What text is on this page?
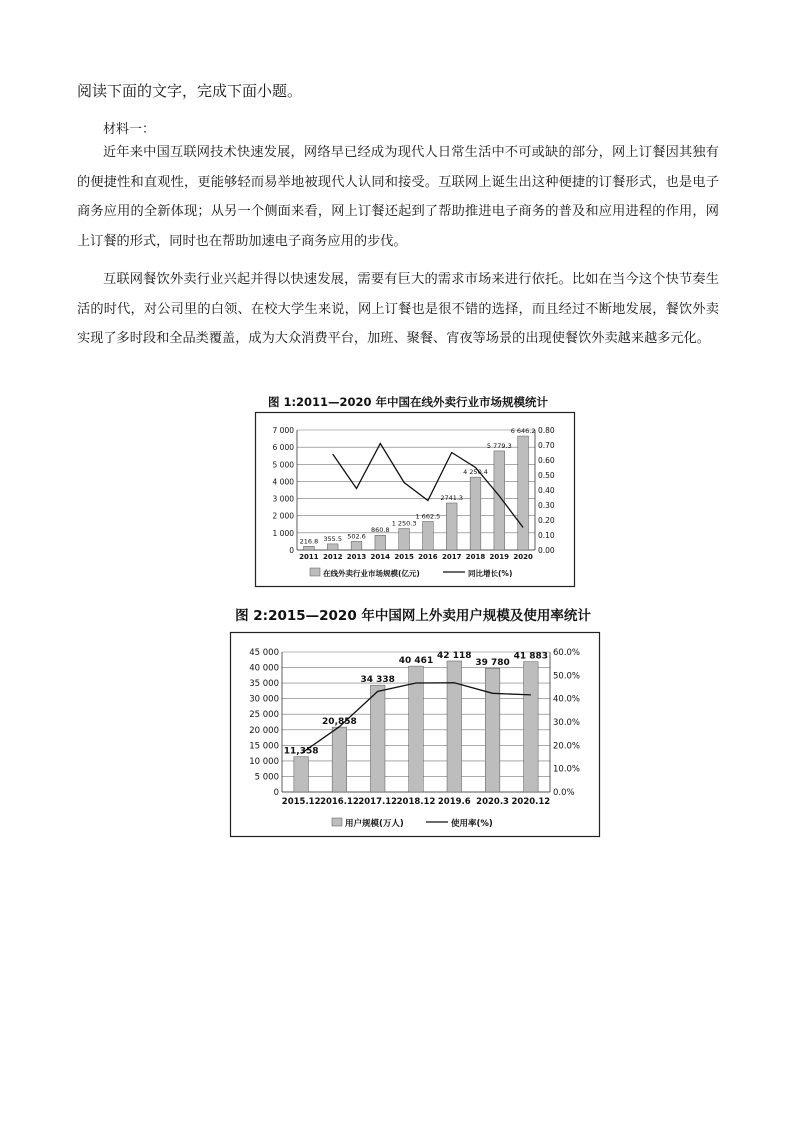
阅读下面的文字，完成下面小题。
材料一：

近年来中国互联网技术快速发展，网络早已经成为现代人日常生活中不可或缺的部分，网上订餐因其独有的便捷性和直观性，更能够轻而易举地被现代人认同和接受。互联网上诞生出这种便捷的订餐形式，也是电子商务应用的全新体现；从另一个侧面来看，网上订餐还起到了帮助推进电子商务的普及和应用进程的作用，网上订餐的形式，同时也在帮助加速电子商务应用的步伐。

互联网餐饮外卖行业兴起并得以快速发展，需要有巨大的需求市场来进行依托。比如在当今这个快节奏生活的时代，对公司里的白领、在校大学生来说，网上订餐也是很不错的选择，而且经过不断地发展，餐饮外卖实现了多时段和全品类覆盖，成为大众消费平台，加班、聚餐、宵夜等场景的出现使餐饮外卖越来越多元化。

图 1:2011—2020 年中国在线外卖行业市场规模统计
0
1 000
2 000
3 000
4 000
5 000
6 000
7 000
0.00
0.10
0.20
0.30
0.40
0.50
0.60
0.70
0.80
216.8
2011
355.5
2012
502.6
2013
860.8
2014
1 250.3
2015
1 662.5
2016
2741.3
2017
4 250.4
2018
5 779.3
2019
6 646.2
2020
在线外卖行业市场规模(亿元)	同比增长(%)
图 2:2015—2020 年中国网上外卖用户规模及使用率统计
0
5 000
10 000
15 000
20 000
25 000
30 000
35 000
40 000
45 000
0.0%
10.0%
20.0%
30.0%
40.0%
50.0%
60.0%
11,358
2015.12
20,858
2016.12
34 338
2017.12
40 461
2018.12
42 118
2019.6
39 780
2020.3
41 883
2020.12
用户规模(万人)	使用率(%)
